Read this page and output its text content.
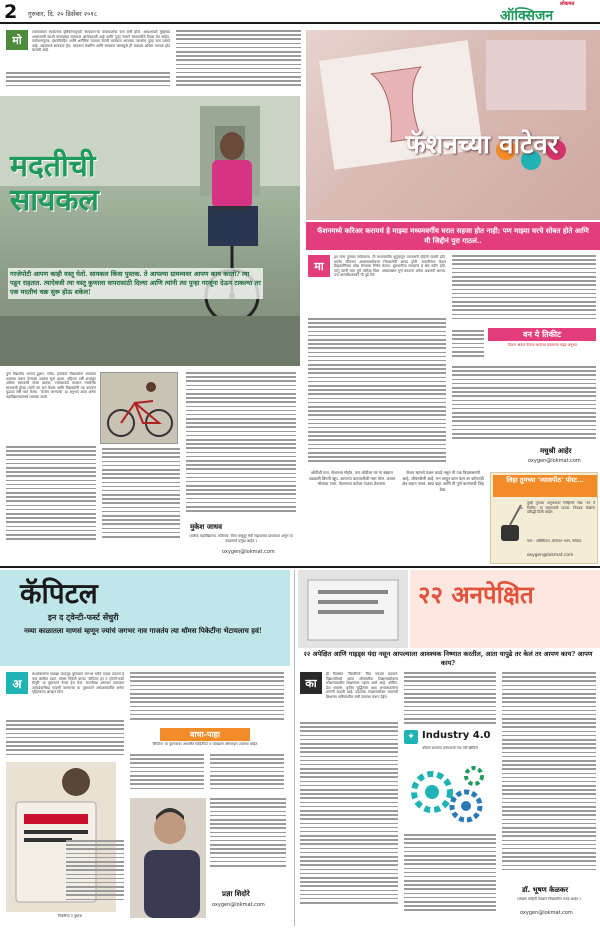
2 गुरुवार, दि. २० डिसेंबर २०१८
लोकमत
ऑक्सिजन
मो
टारसायकल स्पर्धात्मक दृष्टिकोनातूनही ‘सायकल’चा वापरकर्तांचा कल कमी होतो. आयआयटी मुंबईच्या अभ्यासाची त्याशी पणत्यांसह सायकल आरोग्यदायी आहे आणि पुन्हा नव्याने सायकलीचे दिवस येत आहेत. पर्यावरणपूरक, इंधनविरहित आणि शारीरिक व्यायाम देणारी सायकल आजच्या तरुणांना पुन्हा साद घालते आहे. शहरांमध्ये सायकल ट्रॅक, सायकल शेअरिंग आणि सायकल क्लबमुळे ही चळवळ अधिक व्यापक होत चालली आहे.
मदतीची सायकल
गरजेपोटी आपण काही वस्तू घेतो. सायकल किंवा पुस्तक. ते आपल्या ग्रामव्यवर आपण काय करतो? त्या पडून राहतात. त्याऐवजी त्या वस्तू कुणाला वापरासाठी दिल्या आणि त्यांनी त्या पुन्हा गरजूंना देऊन टाकल्या तर एक मदतीचं चक्र सुरू होऊ शकेल!
पुणे विद्यापीठ भागात हुशार, गरीब, होतकरू विद्यार्थ्यांना सायकल उपलब्ध करून देण्याचा उपक्रम सुरू झाला. पहिल्या वर्षी शंभरहून अधिक सायकली गोळा झाल्या. ज्यांच्याकडे वापरात नसलेल्या सायकली होत्या त्यांनी त्या दान केल्या आणि विद्यार्थ्यांनी त्या वापरून पुढच्या वर्षी परत केल्या. ‘कायम जाण्याचा’ हा अनुभव आता अनेक महाविद्यालयांमध्ये राबवला जातो.
मुकेश जाधव
(बारीक महाविद्यालय, कोटेगाव, विमा बाणुदूर मेपी सहायाच्या प्राध्यापक असून या उपक्रमाचे प्रमुख आहेत.)
oxygen@lokmat.com
फॅशनच्या वाटेवर
फॅशनमध्ये करिअर करायचं हे माझ्या मध्यमवर्गीय घरात सहजा होत नाही; पण माझ्या घरचे सोबत होते आणि मी जिद्दीनं पुरा गाठलं..
मा
झा जन्म पुण्यात नाशिकला. मी मध्यमवर्गीय कुटुंबातून व्यापणारी पहिली व्यक्ती होते. शालेय जीवनात अभ्यासाबरोबरच चित्रकलेची आवड होती. बारावीनंतर फॅशन डिझायनिंगला प्रवेश घेण्याचा निर्णय घेतला. सुरुवातीला घरच्यांना हे क्षेत्र नवीन होते, परंतु त्यांनी मला पूर्ण पाठिंबा दिला. अभ्यासक्रम पूर्ण करताना अनेक अडचणी आल्या, पण आत्मविश्वासाने मी पुढे गेले.
वन ये तिकीट
‘फॅशन’ क्षेत्रात येताना आपल्या प्रवासाचा माझा अनुभव
मधुश्री आहेर
oxygen@lokmat.com
छोटीशी गाव, फॅशनचा मोहोर, पण जोडीला घरं या स्वप्नात अडकली बिनती खूप. आपल्या वाटचालीची मला मोल, कायम मोलाचा टप्पा, फॅशनच्या वाटेवर पाऊल ठेवताना.
फॅशन म्हणजे फक्त कपडे नसून ती एक विचारसरणी आहे, जीवनशैली आहे. मन लावून काम केलं तर कोणतंही क्षेत्र लहान नसतं. स्वप्नं पाहा आणि ती पूर्ण करण्याची जिद्द ठेवा.
लिहा तुमच्या ‘व्यासपीठ’ पोस्ट...
तुम्ही तुमच्या अनुभवावर लिहिलेले लेख ‘वन वे तिकीट’ या सदरासाठी पाठवा. निवडक लेखांना प्रसिद्धी दिली जाईल.
पत्ता : ऑक्सिजन, लोकमत भवन, नाशिक.
oxygen@lokmat.com
कॅपिटल
इन द ट्वेन्टी-फर्स्ट सेंचुरी
नव्या काळातला माणसं म्हणून ज्यांचं जगभर नाव गाजतंय त्या थॉमस पिकेटींना भेटायलाच हवं!
अ
र्थशास्त्रातल्या एखाद्या जाडजूड पुस्तकानं जगभर चर्चेचं वादळ उठवावं हे फार क्वचित घडतं. थॉमस पिकेटी यांच्या ‘कॅपिटल इन द ट्वेन्टी-फर्स्ट सेंचुरी’ या पुस्तकानं नेमकं हेच केलं. संपत्तीच्या असमान वाटपावर आकडेवारीसह मांडणी करणाऱ्या या पुस्तकाने अर्थशास्त्रातील अनेक गृहितकांना आव्हान दिलं.
पिकेटींचा व पुस्तक
वाचा-पाहा
‘कॅपिटल’ या पुस्तकावर आधारित माहितीपट व व्याख्याने ऑनलाइन उपलब्ध आहेत.
प्रज्ञा शिदोरे
oxygen@lokmat.com
२२ अनपेक्षित
२२ अपेक्षित आणि गाइड्स यंदा नसून आपल्याला आवश्यक निष्णात करतील, आता यापुढे तर केलं तर आपण काय? आपण काय?
का
ही दिवसांत ‘बिल्डींगचे’ चित्र एकदम बदलले. विद्यार्थ्यांमध्ये आता औपचारिक शिक्षणाबरोबरच कौशल्याधारित शिक्षणाला महत्त्व आले आहे. कोडिंग, डेटा सायन्स, कृत्रिम बुद्धिमत्ता अशा अभ्यासक्रमांना मागणी वाढली आहे. बदलत्या तंत्रज्ञानासोबत चालणारे शिक्षणच भविष्यातील संधी उपलब्ध करून देईल.
✦ Industry 4.0
कॉमर्स ज्ञानांगत कल्पनाची एक नवी क्षितिजे
डॉ. भूषण केळकर
(लेखक माहिती तंत्रज्ञान विषयातील तज्ज्ञ आहेत.)
oxygen@lokmat.com
